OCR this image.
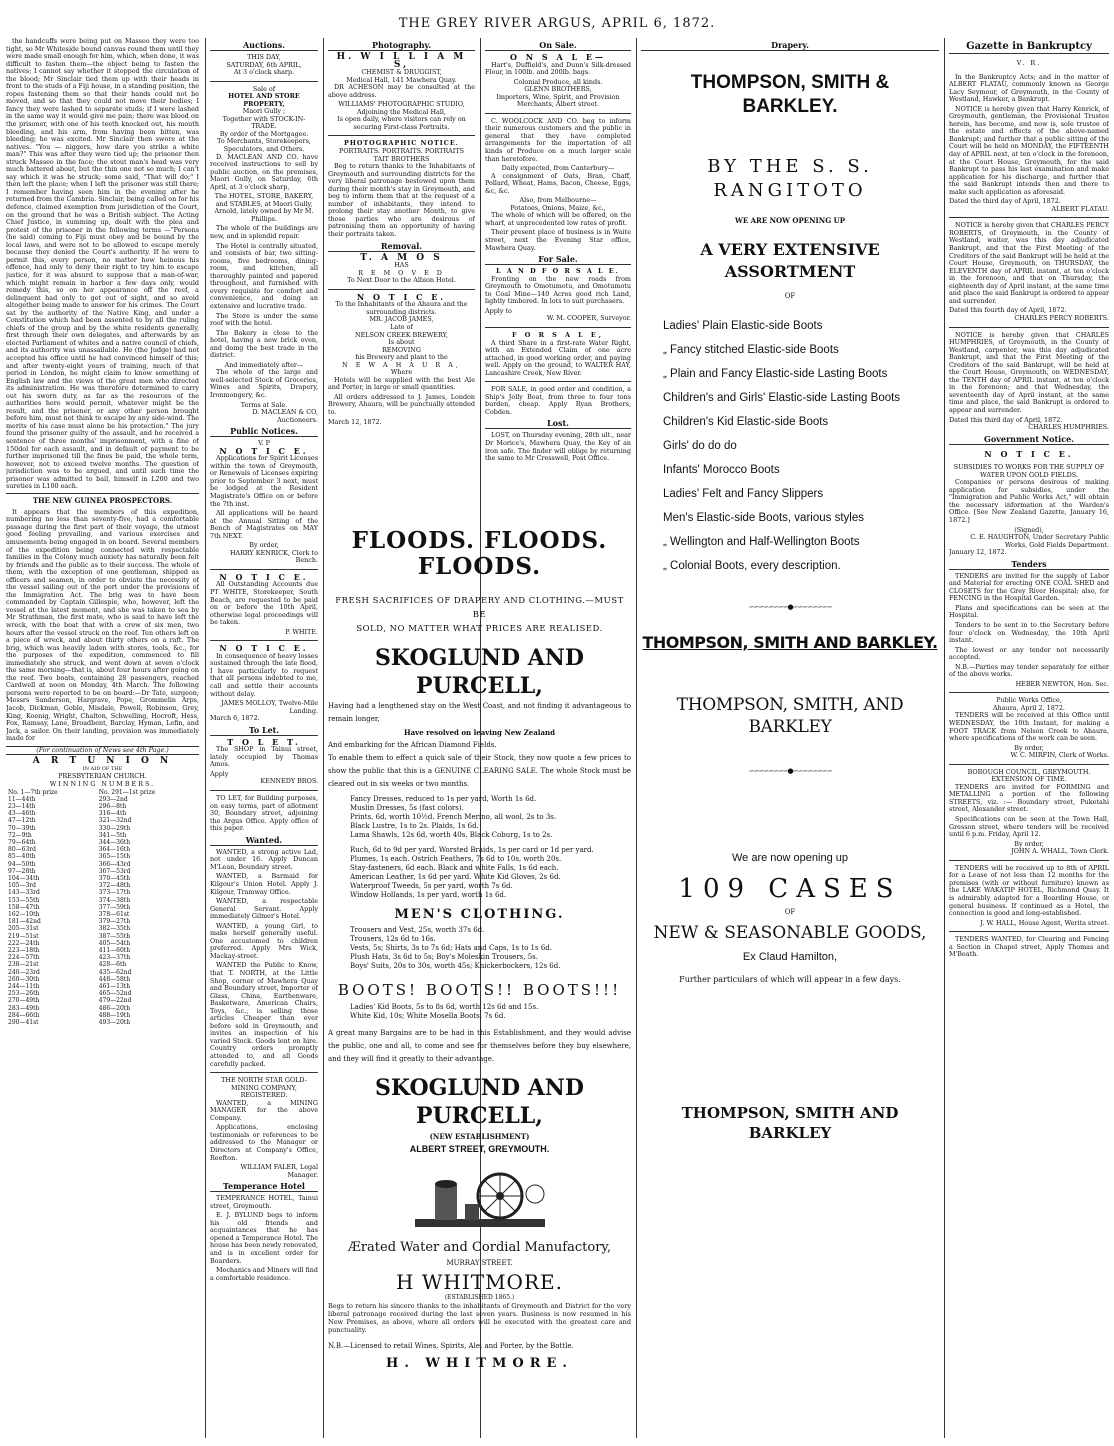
THE GREY RIVER ARGUS, APRIL 6, 1872.

the handcuffs were being put on Masseo they were too tight, so Mr Whiteside bound canvas round them until they were made small enough for him, which, when done, it was difficult to fasten them—the object being to fasten the natives; I cannot say whether it stopped the circulation of the blood; Mr Sinclair tied them up with their heads in front to the studs of a Fiji house, in a standing position, the ropes fastening them so that their hands could not be moved, and so that they could not move their bodies; I fancy they were lashed to separate studs; if I were lashed in the same way it would give me pain; there was blood on the prisoner, with one of his teeth knocked out, his mouth bleeding, and his arm, from having been bitten, was bleeding; he was excited. Mr Sinclair then swore at the natives. "You — niggers, how dare you strike a white man?" This was after they were tied up; the prisoner then struck Masseo in the face; the stout man's head was very much battered about, but the thin one not so much; I can't say which it was he struck; some said, "That will do;" I then left the place; when I left the prisoner was still there; I remember having seen him in the evening after he returned from the Cambria. Sinclair, being called on for his defence, claimed exemption from jurisdiction of the Court, on the ground that he was a British subject. The Acting Chief Justice, in summing up, dealt with the plea and protest of the prisoner in the following terms —"Persons (he said) coming to Fiji must obey and be bound by the local laws, and were not to be allowed to escape merely because they denied the Court's authority. If he were to permit this, every person, no matter how heinous his offence, had only to deny their right to try him to escape justice, for it was absurd to suppose that a man-of-war, which might remain in harbor a few days only, would remedy this, so on her appearance off the reef, a delinquent had only to get out of sight, and so avoid altogether being made to answer for his crimes. The Court sat by the authority of the Native King, and under a Constitution which had been assented to by all the ruling chiefs of the group and by the white residents generally, first through their own delegates, and afterwards by an elected Parliament of whites and a native council of chiefs, and its authority was unassailable. He (the Judge) had not accepted his office until he had convinced himself of this; and after twenty-eight years of training, much of that period in London, he might claim to know something of English law and the views of the great men who directed its administration. He was therefore determined to carry out his sworn duty, as far as the resources of the authorities here would permit, whatever might be the result, and the prisoner, or any other person brought before him, must not think to escape by any side-wind. The merits of his case must alone be his protection." The jury found the prisoner guilty of the assault, and he received a sentence of three months' imprisonment, with a fine of 150dol for each assault, and in default of payment to be further imprisoned till the fines be paid, the whole term, however, not to exceed twelve months. The question of jurisdiction was to be argued, and until such time the prisoner was admitted to bail, himself in L200 and two sureties in L100 each.

THE NEW GUINEA PROSPECTORS.

It appears that the members of this expedition, numbering no less than seventy-five, had a comfortable passage during the first part of their voyage, the utmost good feeling prevailing, and various exercises and amusements being engaged in on board. Several members of the expedition being connected with respectable families in the Colony much anxiety has naturally been felt by friends and the public as to their success. The whole of them, with the exception of one gentleman, shipped as officers and seamen, in order to obviate the necessity of the vessel sailing out of the port under the provisions of the Immigration Act. The brig was to have been commanded by Captain Gillespie, who, however, left the vessel at the latest moment, and she was taken to sea by Mr Strathman, the first mate, who is said to have left the wreck, with the boat that with a crew of six men, two hours after the vessel struck on the reef. Ten others left on a piece of wreck, and about thirty others on a raft. The brig, which was heavily laden with stores, tools, &c., for the purposes of the expedition, commenced to fill immediately she struck, and went down at seven o'clock the same morning—that is, about four hours after going on the reef. Two boats, containing 28 passengers, reached Cardwell at noon on Monday, 4th March. The following persons were reported to be on board:—Dr Tate, surgeon; Messrs Sanderson, Hargrave, Pope, Grommelin Arps, Jacob, Dickman, Goble, Misdale, Powell, Robinson, Grey, King, Koenig, Wright, Chalton, Schwelling, Hocroft, Hess, Fox, Ramsay, Lane, Broadbent, Barclay, Hyman, Lefin, and Jack, a sailor. On their landing, provision was immediately made for

(For continuation of News see 4th Page.)
A R T U N I O N
IN AID OF THE
PRESBYTERIAN CHURCH.
WINNING NUMBERS.
No. 1—7th prize	No. 291—1st prize
11—44th	293—2nd
23—14th	296—8th
43—46th	316—4th
47—12th	321—32nd
70—39th	330—29th
72—9th	341—5th
79—64th	344—36th
80—63rd	364—16th
85—40th	365—15th
94—50th	366—43rd
97—28th	367—53rd
104—34th	370—45th
105—3rd	372—48th
143—33rd	373—17th
153—55th	374—38th
158—47th	377—59th
162—10th	378—61st
181—42nd	379—27th
205—31st	382—35th
219—51st	387—55th
222—24th	405—54th
223—18th	411—60th
224—57th	423—37th
238—21st	428—6th
240—23rd	435—62nd
260—30th	448—58th
244—11th	461—13th
253—26th	465—52nd
270—49th	479—22nd
283—49th	486—20th
284—66th	488—19th
290—41st	493—20th
Auctions.
THIS DAY,
SATURDAY, 6th APRIL,
At 3 o'clock sharp.
Sale of
HOTEL AND STORE PROPERTY,
Maori Gully ;
Together with STOCK-IN-TRADE.
By order of the Mortgagee.
To Merchants, Storekeepers, Speculators, and Others.

D. MACLEAN AND CO. have received instructions to sell by public auction, on the premises, Maori Gully, on Saturday, 6th April, at 3 o'clock sharp,

The HOTEL, STORE, BAKERY, and STABLES, at Maori Gully, Arnold, lately owned by Mr M. Phillips.

The whole of the buildings are new, and in splendid repair.

The Hotel is centrally situated, and consists of bar, two sitting-rooms, five bedrooms, dining-room, and kitchen, all thoroughly painted and papered throughout, and furnished with every requisite for comfort and convenience, and doing an extensive and lucrative trade.

The Store is under the same roof with the hotel.

The Bakery is close to the hotel, having a new brick oven, and doing the best trade in the district.

And immediately after—

The whole of the large and well-selected Stock of Groceries, Wines and Spirits, Drapery, Ironmongery, &c.

Terms at Sale.
D. MACLEAN & CO, Auctioneers.
Public Notices.
V. P
N O T I C E.

Applications for Spirit Licenses within the town of Greymouth, or Renewals of Licenses expiring prior to September 3 next, must be lodged at the Resident Magistrate's Office on or before the 7th inst.

All applications will be heard at the Annual Sitting of the Bench of Magistrates on MAY 7th NEXT.

By order,
HARRY KENRICK, Clerk to Bench.
N O T I C E.

All Outstanding Accounts due PT WHITE, Storekeeper, South Beach, are requested to be paid on or before the 10th April, otherwise legal proceedings will be taken.

P. WHITE.
N O T I C E.

In consequence of heavy losses sustained through the late flood, I have particularly to request that all persons indebted to me, call and settle their accounts without delay.

JAMES MOLLOY, Twelve-Mile Landing.
March 6, 1872.
To Let.
T O L E T.

The SHOP in Tainui street, lately occupied by Thomas Amos.

Apply
KENNEDY BROS.

TO LET, for Building purposes, on easy terms, part of allotment 30, Boundary street, adjoining the Argus Office. Apply office of this paper.

Wanted.

WANTED, a strong active Lad, not under 16. Apply Duncan M'Lean, Boundary street.

WANTED, a Barmaid for Kilgour's Union Hotel. Apply J. Kilgour, Tramway Office.

WANTED, a respectable General Servant. Apply immediately Gilmer's Hotel.

WANTED, a young Girl, to make herself generally useful. One accustomed to children preferred. Apply Mrs Wick, Mackay-street.

WANTED the Public to Know, that T. NORTH, at the Little Shop, corner of Mawhera Quay and Boundary street, Importer of Glass, China, Earthenware, Basketware, American Chairs, Toys, &c., is selling those articles Cheaper than ever before sold in Greymouth, and invites an inspection of his varied Stock. Goods lent on hire. Country orders promptly attended to, and all Goods carefully packed.

THE NORTH STAR GOLD-MINING COMPANY, REGISTERED.

WANTED, a MINING MANAGER for the above Company.

Applications, enclosing testimonials or references to be addressed to the Manager or Directors at Company's Office, Reefton.

WILLIAM FALER, Legal Manager.
Temperance Hotel

TEMPERANCE HOTEL, Tainui street, Greymouth.

E. J. BYLUND begs to inform his old friends and acquaintances that he has opened a Temperance Hotel. The house has been newly renovated, and is in excellent order for Boarders.

Mechanics and Miners will find a comfortable residence.

Photography.
H. W I L L I A M S,
CHEMIST & DRUGGIST,
Medical Hall, 141 Mawhera Quay.

DR ACHESON may be consulted at the above address.

WILLIAMS' PHOTOGRAPHIC STUDIO,
Adjoining the Medical Hall,

Is open daily, where visitors can rely on securing First-class Portraits.

PHOTOGRAPHIC NOTICE.
PORTRAITS. PORTRAITS. PORTRAITS
TAIT BROTHERS

Beg to return thanks to the Inhabitants of Greymouth and surrounding districts for the very liberal patronage bestowed upon them during their month's stay in Greymouth, and beg to inform them that at the request of a number of inhabitants, they intend to prolong their stay another Month, to give those parties who are desirous of patronising them an opportunity of having their portraits taken.

Removal.
T. A M O S
HAS
R E M O V E D
To Next Door to the Albion Hotel.
N O T I C E.
To the Inhabitants of the Ahaura and the surrounding districts.
MR. JACOB JAMES,
Late of
NELSON CREEK BREWERY,
Is about
REMOVING
his Brewery and plant to the
N E W A H A U R A,
Where

Hotels will be supplied with the best Ale and Porter, in large or small quantities.

All orders addressed to J. James, London Brewery, Ahaura, will be punctually attended to.

March 12, 1872.
On Sale.
O N S A L E—

Hart's, Duffield's, and Dunn's Silk-dressed Flour, in 100lb. and 200lb. bags.

Colonial Produce, all kinds.
GLENN BROTHERS,

Importers, Wine, Spirit, and Provision Merchants, Albert street.

C. WOOLCOCK AND CO. beg to inform their numerous customers and the public in general that they have completed arrangements for the importation of all kinds of Produce on a much larger scale than heretofore.

Daily expected, from Canterbury—

A consignment of Oats, Bran, Chaff, Pollard, Wheat, Hams, Bacon, Cheese, Eggs, &c, &c.

Also, from Melbourne—
Potatoes, Onions, Maize, &c.,

The whole of which will be offered, on the wharf, at unprecedented low rates of profit.

Their present place of business is in Waite street, next the Evening Star office, Mawhera Quay.

For Sale.
L A N D F O R S A L E.

Fronting on the new roads from Greymouth to Omotumotu, and Omotumotu to Coal Mine—140 Acres good rich Land, lightly timbered. In lots to suit purchasers.

Apply to
W. M. COOPER, Surveyor.
F O R S A L E,

A third Share in a first-rate Water Right, with an Extended Claim of one acre attached, in good working order, and paying well. Apply on the ground, to WALTER HAY, Lancashire Creek, New River.

FOR SALE, in good order and condition, a Ship's Jolly Boat, from three to four tons burden, cheap. Apply Ryan Brothers, Cobden.

Lost.

LOST, on Thursday evening, 28th ult., near Dr Morice's, Mawhera Quay, the Key of an iron safe. The finder will oblige by returning the same to Mr Cresswell, Post Office.

FLOODS. FLOODS. FLOODS.
FRESH SACRIFICES OF DRAPERY AND CLOTHING.—MUST BE
SOLD, NO MATTER WHAT PRICES ARE REALISED.
SKOGLUND AND PURCELL,
Having had a lengthened stay on the West Coast, and not finding it advantageous to remain longer,
Have resolved on leaving New Zealand
And embarking for the African Diamond Fields.
To enable them to effect a quick sale of their Stock, they now quote a few prices to show the public that this is a GENUINE CLEARING SALE. The whole Stock must be cleared out in six weeks or two months.
Fancy Dresses, reduced to 1s per yard, Worth 1s 6d.
Muslin Dresses, 5s (fast colors).
Prints, 6d, worth 10½d. French Merino, all wool, 2s to 3s.
Black Lustre, 1s to 2s. Plaids, 1s 6d.
Lama Shawls, 12s 6d, worth 40s. Black Coburg, 1s to 2s.
Ruch, 6d to 9d per yard. Worsted Braids, 1s per card or 1d per yard.
Plumes, 1s each. Ostrich Feathers, 7s 6d to 10s, worth 20s.
Stay-fasteners, 6d each. Black and white Falls, 1s 6d each.
American Leather, 1s 6d per yard. White Kid Gloves, 2s 6d.
Waterproof Tweeds, 5s per yard, worth 7s 6d.
Window Hollands, 1s per yard, worth 1s 6d.
MEN'S CLOTHING.
Trousers and Vest, 25s, worth 37s 6d.
Trousers, 12s 6d to 16s.
Vests, 5s; Shirts, 3s to 7s 6d; Hats and Caps, 1s to 1s 6d.
Plush Hats, 3s 6d to 5s; Boy's Moleskin Trousers, 5s.
Boys' Suits, 20s to 30s, worth 45s; Knickerbockers, 12s 6d.
BOOTS! BOOTS!! BOOTS!!!
Ladies' Kid Boots, 5s to 8s 6d, worth 12s 6d and 15s.
White Kid, 10s; White Mosella Boots, 7s 6d.
A great many Bargains are to be had in this Establishment, and they would advise the public, one and all, to come and see for themselves before they buy elsewhere, and they will find it greatly to their advantage.
SKOGLUND AND PURCELL,
(NEW ESTABLISHMENT)
ALBERT STREET, GREYMOUTH.
Ærated Water and Cordial Manufactory,
MURRAY STREET.
H WHITMORE.
(ESTABLISHED 1865.)
Begs to return his sincere thanks to the inhabitants of Greymouth and District for the very liberal patronage received during the last seven years. Business is now resumed in his New Premises, as above, where all orders will be executed with the greatest care and punctuality.
N.B.—Licensed to retail Wines, Spirits, Ale, and Porter, by the Bottle.
H. WHITMORE.
Drapery.
THOMPSON, SMITH & BARKLEY.
BY THE S. S. RANGITOTO
WE ARE NOW OPENING UP
A VERY EXTENSIVE ASSORTMENT
OF
Ladies' Plain Elastic-side Boots
„ Fancy stitched Elastic-side Boots
„ Plain and Fancy Elastic-side Lasting Boots
Children's and Girls' Elastic-side Lasting Boots
Children's Kid Elastic-side Boots
Girls' do do do
Infants' Morocco Boots
Ladies' Felt and Fancy Slippers
Men's Elastic-side Boots, various styles
„ Wellington and Half-Wellington Boots
„ Colonial Boots, every description.
∽∽∽∽∽∽∽∽●∽∽∽∽∽∽∽∽
THOMPSON, SMITH AND BARKLEY.
THOMPSON, SMITH, AND BARKLEY
∽∽∽∽∽∽∽∽●∽∽∽∽∽∽∽∽
We are now opening up
109 CASES
OF
NEW & SEASONABLE GOODS,
Ex Claud Hamilton,
Further particulars of which will appear in a few days.
THOMPSON, SMITH AND BARKLEY
Gazette in Bankruptcy
V. R.

In the Bankruptcy Acts; and in the matter of ALBERT FLATAU, commonly known as George Lacy Seymour, of Greymouth, in the County of Westland, Hawker, a Bankrupt.

NOTICE is hereby given that Harry Kenrick, of Greymouth, gentleman, the Provisional Trustee herein, has become, and now is, sole trustee of the estate and effects of the above-named Bankrupt; and further that a public sitting of the Court will be held on MONDAY, the FIFTEENTH day of APRIL next, at ten o'clock in the forenoon, at the Court House, Greymouth, for the said Bankrupt to pass his last examination and make application for his discharge, and further that the said Bankrupt intends then and there to make such application as aforesaid.

Dated the third day of April, 1872.
ALBERT FLATAU.

NOTICE is hereby given that CHARLES PERCY ROBERTS, of Greymouth, in the County of Westland, waiter, was this day adjudicated Bankrupt, and that the First Meeting of the Creditors of the said Bankrupt will be held at the Court House, Greymouth, on THURSDAY, the ELEVENTH day of APRIL instant, at ten o'clock in the forenoon, and that on Thursday, the eighteenth day of April instant, at the same time and place the said Bankrupt is ordered to appear and surrender.

Dated this fourth day of April, 1872.
CHARLES PERCY ROBERTS.

NOTICE is hereby given that CHARLES HUMPHRIES, of Greymouth, in the County of Westland, carpenter, was this day adjudicated Bankrupt, and that the First Meeting of the Creditors of the said Bankrupt, will be held at the Court House, Greymouth, on WEDNESDAY, the TENTH day of APRIL instant, at ten o'clock in the forenoon; and that Wednesday, the seventeenth day of April instant, at the same time and place, the said Bankrupt is ordered to appear and surrender.

Dated this third day of April, 1872.
CHARLES HUMPHRIES.
Government Notice.
N O T I C E.
SUBSIDIES TO WORKS FOR THE SUPPLY OF WATER UPON GOLD FIELDS.

Companies or persons desirous of making application for subsidies, under the "Immigration and Public Works Act," will obtain the necessary information at the Warden's Office. [See New Zealand Gazette, January 16, 1872.]

(Signed),
C. E. HAUGHTON, Under Secretary Public Works, Gold Fields Department.
January 12, 1872.
Tenders

TENDERS are invited for the supply of Labor and Material for erecting ONE COAL SHED and CLOSETS for the Grey River Hospital; also, for FENCING in the Hospital Garden.

Plans and specifications can be seen at the Hospital.

Tenders to be sent in to the Secretary before four o'clock on Wednesday, the 10th April instant.

The lowest or any tender not necessarily accepted.

N.B.—Parties may tender separately for either of the above works.

HEBER NEWTON, Hon. Sec.
Public Works Office,
Ahaura, April 2, 1872.

TENDERS will be received at this Office until WEDNESDAY, the 10th Instant, for making a FOOT TRACK from Nelson Creek to Ahaura, where specifications of the work can be seen.

By order,
W. C. MIRFIN, Clerk of Works.
BOROUGH COUNCIL, GREYMOUTH.
EXTENSION OF TIME.

TENDERS are invited for FORMING and METALLING a portion of the following STREETS, viz. :— Boundary street, Puketahi street, Alexander street.

Specifications can be seen at the Town Hall, Gresson street, where tenders will be received until 6 p.m. Friday, April 12.

By order,
JOHN A. WHALL, Town Clerk.

TENDERS will be received up to 8th of APRIL for a Lease of not less than 12 months for the premises (with or without furniture) known as the LAKE WAKATIP HOTEL, Richmond Quay. It is admirably adapted for a Boarding House, or general business. If continued as a Hotel, the connection is good and long-established.

J. W. HALL, House Agent, Werita street.

TENDERS WANTED, for Clearing and Fencing a Section in Chapel street, Apply Thomas and M'Beath.
